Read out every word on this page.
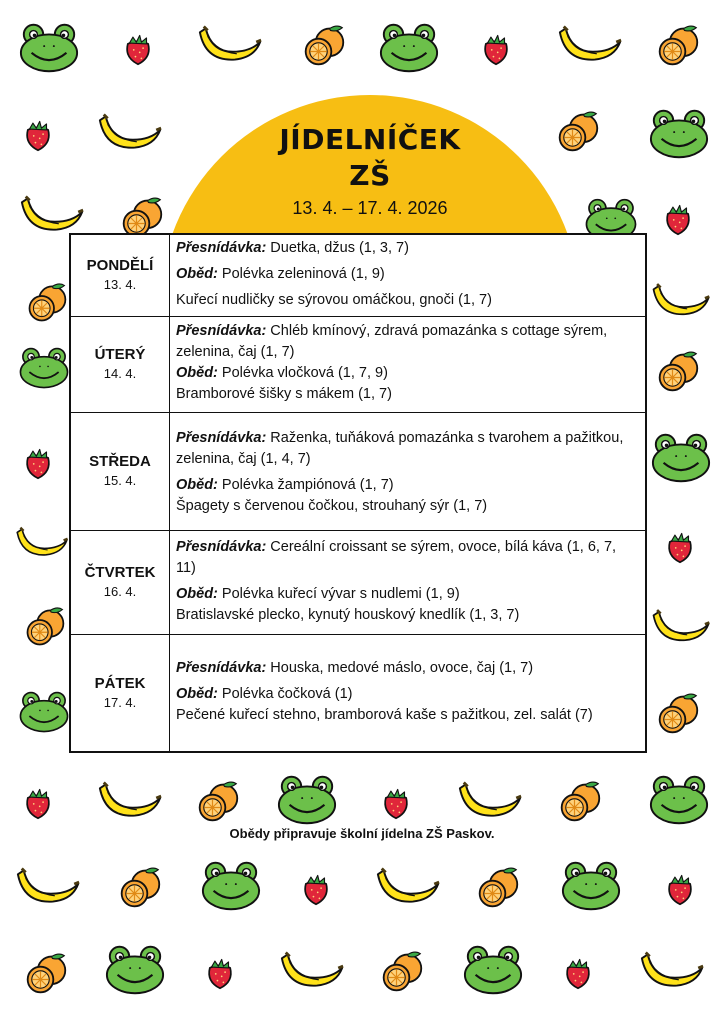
JÍDELNÍČEK
ZŠ
13. 4. – 17. 4. 2026
PONDĚLÍ
13. 4.	Přesnídávka: Duetka, džus (1, 3, 7)
Oběd: Polévka zeleninová (1, 9)
Kuřecí nudličky se sýrovou omáčkou, gnoči (1, 7)

ÚTERÝ
14. 4.	Přesnídávka: Chléb kmínový, zdravá pomazánka s cottage sýrem, zelenina, čaj (1, 7)
Oběd: Polévka vločková (1, 7, 9)
Bramborové šišky s mákem (1, 7)

STŘEDA
15. 4.	Přesnídávka: Raženka, tuňáková pomazánka s tvarohem a pažitkou, zelenina, čaj (1, 4, 7)
Oběd: Polévka žampiónová (1, 7)
Špagety s červenou čočkou, strouhaný sýr (1, 7)

ČTVRTEK
16. 4.	Přesnídávka: Cereální croissant se sýrem, ovoce, bílá káva (1, 6, 7, 11)
Oběd: Polévka kuřecí vývar s nudlemi (1, 9)
Bratislavské plecko, kynutý houskový knedlík (1, 3, 7)

PÁTEK
17. 4.	Přesnídávka: Houska, medové máslo, ovoce, čaj (1, 7)
Oběd: Polévka čočková (1)
Pečené kuřecí stehno, bramborová kaše s pažitkou, zel. salát (7)
Obědy připravuje školní jídelna ZŠ Paskov.
